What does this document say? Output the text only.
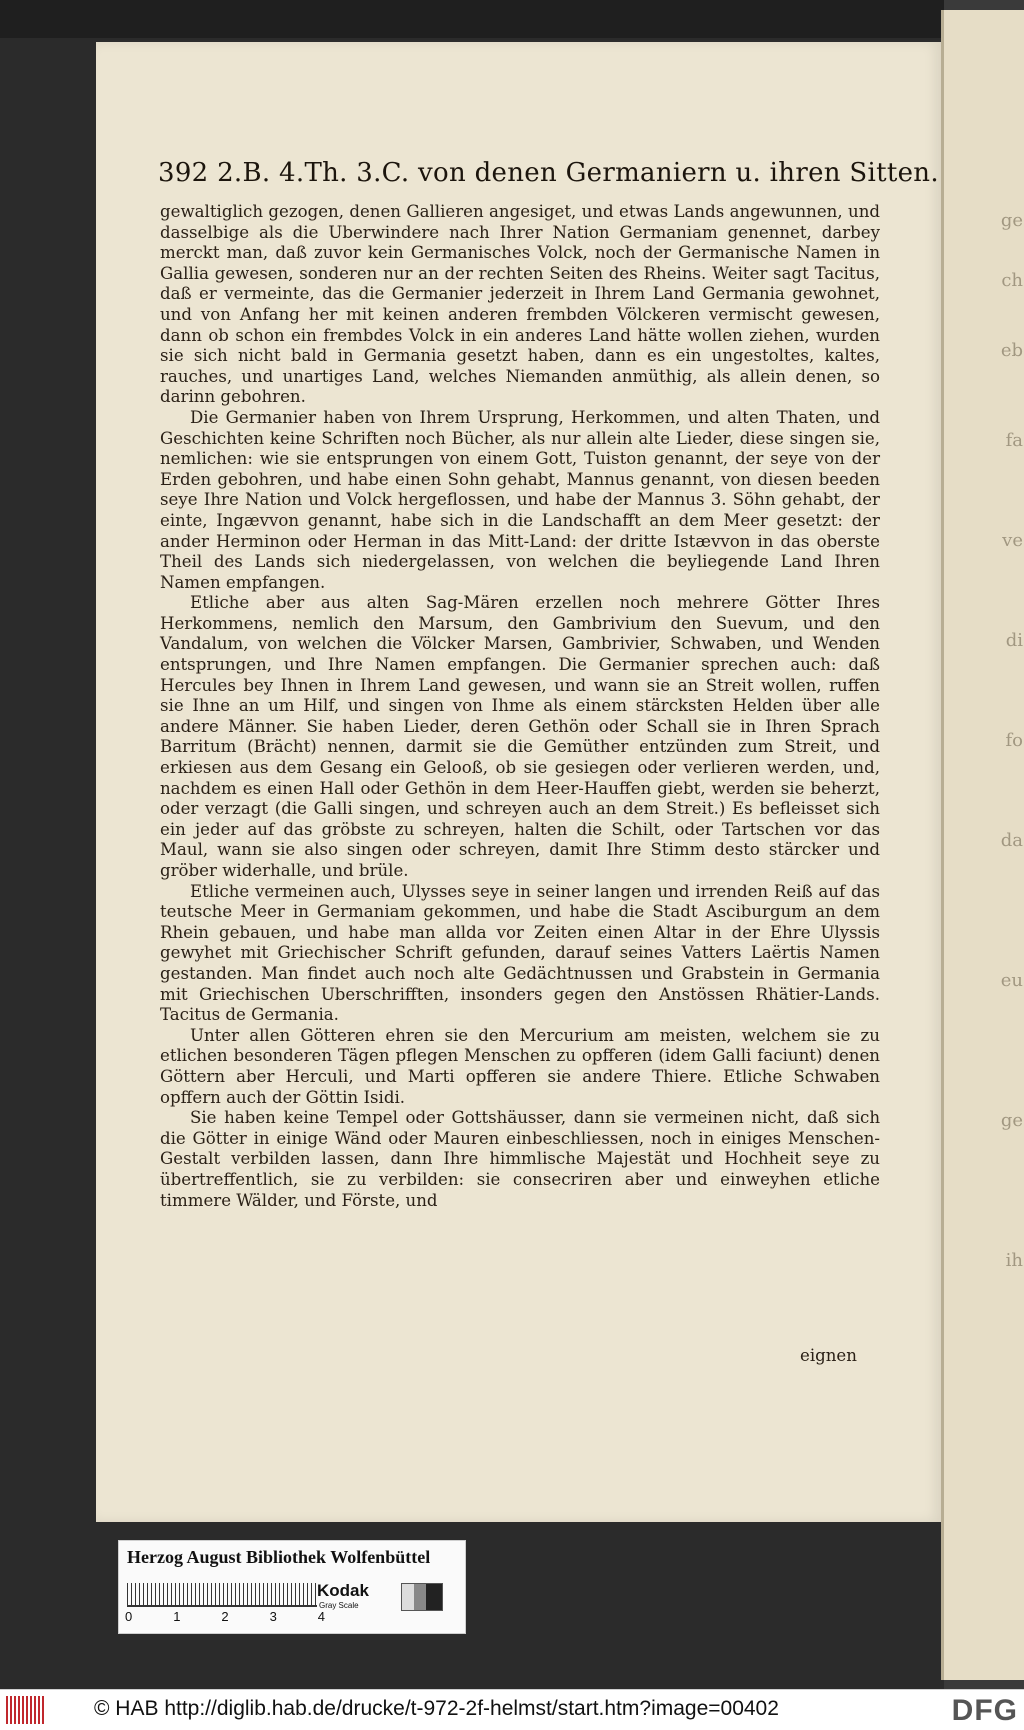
ge
ch
eb
fa
ve
di
fo
da
eu
ge
ih
392 2.B. 4.Th. 3.C. von denen Germaniern u. ihren Sitten.

gewaltiglich gezogen, denen Gallieren angesiget, und etwas Lands angewunnen, und dasselbige als die Uberwindere nach Ihrer Nation Germaniam genennet, darbey merckt man, daß zuvor kein Germanisches Volck, noch der Germanische Namen in Gallia gewesen, sonderen nur an der rechten Seiten des Rheins. Weiter sagt Tacitus, daß er vermeinte, das die Germanier jederzeit in Ihrem Land Germania gewohnet, und von Anfang her mit keinen anderen frembden Völckeren vermischt gewesen, dann ob schon ein frembdes Volck in ein anderes Land hätte wollen ziehen, wurden sie sich nicht bald in Germania gesetzt haben, dann es ein ungestoltes, kaltes, rauches, und unartiges Land, welches Niemanden anmüthig, als allein denen, so darinn gebohren.

Die Germanier haben von Ihrem Ursprung, Herkommen, und alten Thaten, und Geschichten keine Schriften noch Bücher, als nur allein alte Lieder, diese singen sie, nemlichen: wie sie entsprungen von einem Gott, Tuiston genannt, der seye von der Erden gebohren, und habe einen Sohn gehabt, Mannus genannt, von diesen beeden seye Ihre Nation und Volck hergeflossen, und habe der Mannus 3. Söhn gehabt, der einte, Ingævvon genannt, habe sich in die Landschafft an dem Meer gesetzt: der ander Herminon oder Herman in das Mitt-Land: der dritte Istævvon in das oberste Theil des Lands sich niedergelassen, von welchen die beyliegende Land Ihren Namen empfangen.

Etliche aber aus alten Sag-Mären erzellen noch mehrere Götter Ihres Herkommens, nemlich den Marsum, den Gambrivium den Suevum, und den Vandalum, von welchen die Völcker Marsen, Gambrivier, Schwaben, und Wenden entsprungen, und Ihre Namen empfangen. Die Germanier sprechen auch: daß Hercules bey Ihnen in Ihrem Land gewesen, und wann sie an Streit wollen, ruffen sie Ihne an um Hilf, und singen von Ihme als einem stärcksten Helden über alle andere Männer. Sie haben Lieder, deren Gethön oder Schall sie in Ihren Sprach Barritum (Brächt) nennen, darmit sie die Gemüther entzünden zum Streit, und erkiesen aus dem Gesang ein Gelooß, ob sie gesiegen oder verlieren werden, und, nachdem es einen Hall oder Gethön in dem Heer-Hauffen giebt, werden sie beherzt, oder verzagt (die Galli singen, und schreyen auch an dem Streit.) Es befleisset sich ein jeder auf das gröbste zu schreyen, halten die Schilt, oder Tartschen vor das Maul, wann sie also singen oder schreyen, damit Ihre Stimm desto stärcker und gröber widerhalle, und brüle.

Etliche vermeinen auch, Ulysses seye in seiner langen und irrenden Reiß auf das teutsche Meer in Germaniam gekommen, und habe die Stadt Asciburgum an dem Rhein gebauen, und habe man allda vor Zeiten einen Altar in der Ehre Ulyssis gewyhet mit Griechischer Schrift gefunden, darauf seines Vatters Laërtis Namen gestanden. Man findet auch noch alte Gedächtnussen und Grabstein in Germania mit Griechischen Uberschrifften, insonders gegen den Anstössen Rhätier-Lands. Tacitus de Germania.

Unter allen Götteren ehren sie den Mercurium am meisten, welchem sie zu etlichen besonderen Tägen pflegen Menschen zu opfferen (idem Galli faciunt) denen Göttern aber Herculi, und Marti opfferen sie andere Thiere. Etliche Schwaben opffern auch der Göttin Isidi.

Sie haben keine Tempel oder Gottshäusser, dann sie vermeinen nicht, daß sich die Götter in einige Wänd oder Mauren einbeschliessen, noch in einiges Menschen-Gestalt verbilden lassen, dann Ihre himmlische Majestät und Hochheit seye zu übertreffentlich, sie zu verbilden: sie consecriren aber und einweyhen etliche timmere Wälder, und Förste, und

eignen
Herzog August Bibliothek Wolfenbüttel
0	1	2	3	4
Kodak
Gray Scale
© HAB http://diglib.hab.de/drucke/t-972-2f-helmst/start.htm?image=00402	DFG
